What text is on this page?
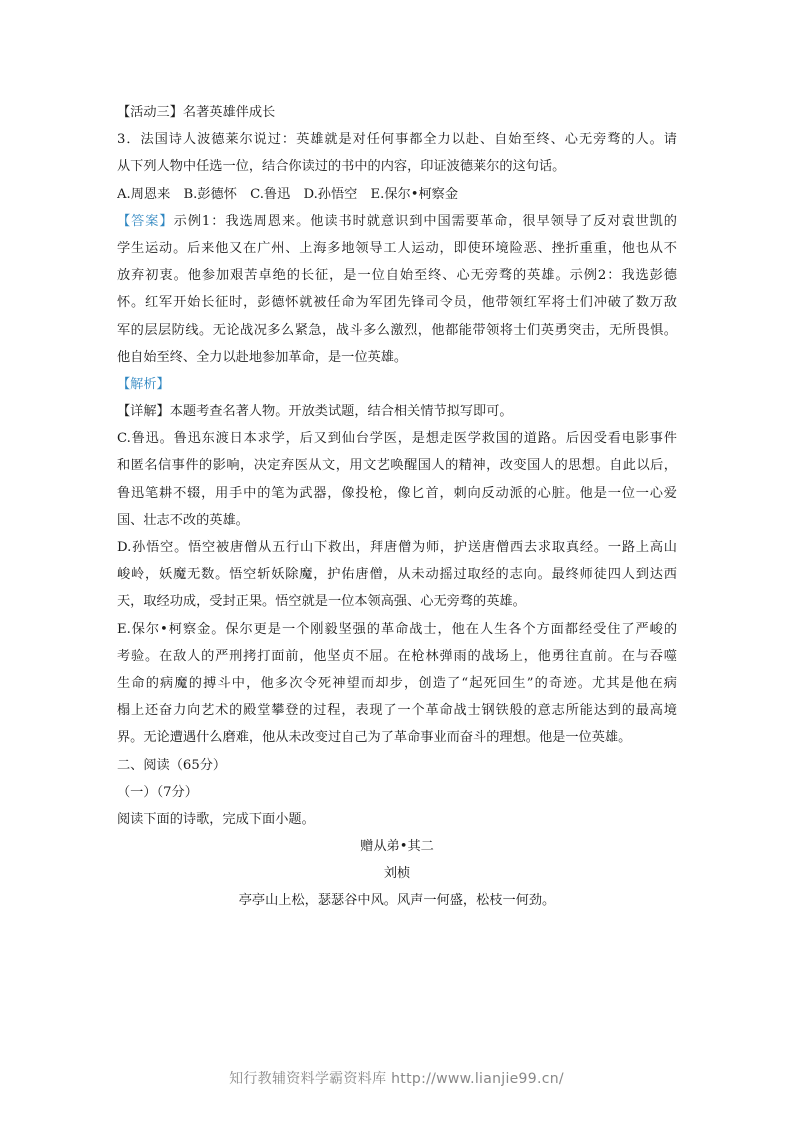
【活动三】名著英雄伴成长
3．法国诗人波德莱尔说过：英雄就是对任何事都全力以赴、自始至终、心无旁骛的人。请
从下列人物中任选一位，结合你读过的书中的内容，印证波德莱尔的这句话。
A.周恩来　B.彭德怀　C.鲁迅　D.孙悟空　E.保尔•柯察金
【答案】示例1：我选周恩来。他读书时就意识到中国需要革命，很早领导了反对袁世凯的
学生运动。后来他又在广州、上海多地领导工人运动，即使环境险恶、挫折重重，他也从不
放弃初衷。他参加艰苦卓绝的长征，是一位自始至终、心无旁骛的英雄。示例2：我选彭德
怀。红军开始长征时，彭德怀就被任命为军团先锋司令员，他带领红军将士们冲破了数万敌
军的层层防线。无论战况多么紧急，战斗多么激烈，他都能带领将士们英勇突击，无所畏惧。
他自始至终、全力以赴地参加革命，是一位英雄。
【解析】
【详解】本题考查名著人物。开放类试题，结合相关情节拟写即可。
C.鲁迅。鲁迅东渡日本求学，后又到仙台学医，是想走医学救国的道路。后因受看电影事件
和匿名信事件的影响，决定弃医从文，用文艺唤醒国人的精神，改变国人的思想。自此以后，
鲁迅笔耕不辍，用手中的笔为武器，像投枪，像匕首，刺向反动派的心脏。他是一位一心爱
国、壮志不改的英雄。
D.孙悟空。悟空被唐僧从五行山下救出，拜唐僧为师，护送唐僧西去求取真经。一路上高山
峻岭，妖魔无数。悟空斩妖除魔，护佑唐僧，从未动摇过取经的志向。最终师徒四人到达西
天，取经功成，受封正果。悟空就是一位本领高强、心无旁骛的英雄。
E.保尔•柯察金。保尔更是一个刚毅坚强的革命战士，他在人生各个方面都经受住了严峻的
考验。在敌人的严刑拷打面前，他坚贞不屈。在枪林弹雨的战场上，他勇往直前。在与吞噬
生命的病魔的搏斗中，他多次令死神望而却步，创造了“起死回生”的奇迹。尤其是他在病
榻上还奋力向艺术的殿堂攀登的过程，表现了一个革命战士钢铁般的意志所能达到的最高境
界。无论遭遇什么磨难，他从未改变过自己为了革命事业而奋斗的理想。他是一位英雄。
二、阅读（65分）
（一）（7分）
阅读下面的诗歌，完成下面小题。
赠从弟•其二
刘桢
亭亭山上松，瑟瑟谷中风。风声一何盛，松枝一何劲。
知行教辅资料学霸资料库 http://www.lianjie99.cn/
